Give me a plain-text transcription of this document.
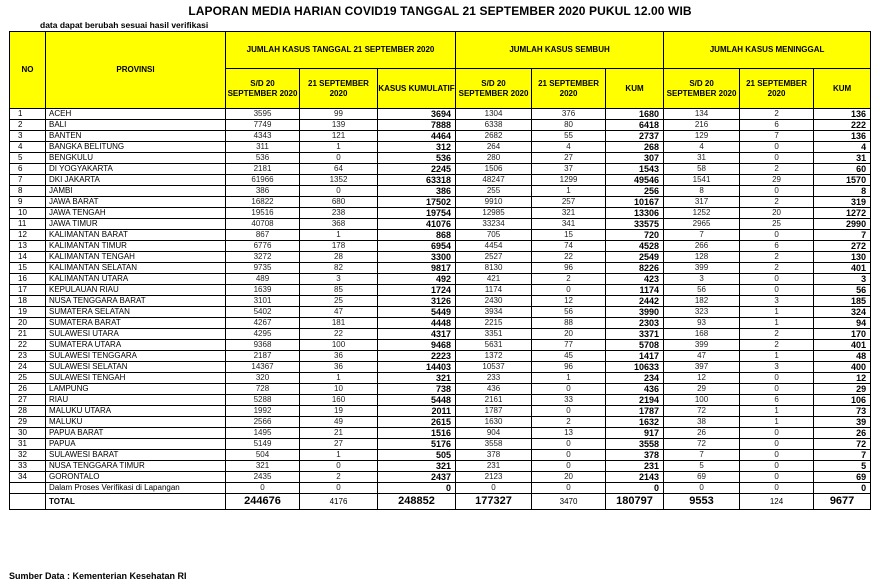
LAPORAN MEDIA HARIAN COVID19 TANGGAL 21 SEPTEMBER 2020 PUKUL 12.00 WIB
data dapat berubah sesuai hasil verifikasi
NO	PROVINSI	JUMLAH KASUS TANGGAL 21 SEPTEMBER 2020			JUMLAH KASUS SEMBUH			JUMLAH KASUS MENINGGAL		
		S/D 20 SEPTEMBER 2020	21 SEPTEMBER 2020	KASUS KUMULATIF	S/D 20 SEPTEMBER 2020	21 SEPTEMBER 2020	KUM	S/D 20 SEPTEMBER 2020	21 SEPTEMBER 2020	KUM
1	ACEH	3595	99	3694	1304	376	1680	134	2	136
2	BALI	7749	139	7888	6338	80	6418	216	6	222
3	BANTEN	4343	121	4464	2682	55	2737	129	7	136
4	BANGKA BELITUNG	311	1	312	264	4	268	4	0	4
5	BENGKULU	536	0	536	280	27	307	31	0	31
6	DI YOGYAKARTA	2181	64	2245	1506	37	1543	58	2	60
7	DKI JAKARTA	61966	1352	63318	48247	1299	49546	1541	29	1570
8	JAMBI	386	0	386	255	1	256	8	0	8
9	JAWA BARAT	16822	680	17502	9910	257	10167	317	2	319
10	JAWA TENGAH	19516	238	19754	12985	321	13306	1252	20	1272
11	JAWA TIMUR	40708	368	41076	33234	341	33575	2965	25	2990
12	KALIMANTAN BARAT	867	1	868	705	15	720	7	0	7
13	KALIMANTAN TIMUR	6776	178	6954	4454	74	4528	266	6	272
14	KALIMANTAN TENGAH	3272	28	3300	2527	22	2549	128	2	130
15	KALIMANTAN SELATAN	9735	82	9817	8130	96	8226	399	2	401
16	KALIMANTAN UTARA	489	3	492	421	2	423	3	0	3
17	KEPULAUAN RIAU	1639	85	1724	1174	0	1174	56	0	56
18	NUSA TENGGARA BARAT	3101	25	3126	2430	12	2442	182	3	185
19	SUMATERA SELATAN	5402	47	5449	3934	56	3990	323	1	324
20	SUMATERA BARAT	4267	181	4448	2215	88	2303	93	1	94
21	SULAWESI UTARA	4295	22	4317	3351	20	3371	168	2	170
22	SUMATERA UTARA	9368	100	9468	5631	77	5708	399	2	401
23	SULAWESI TENGGARA	2187	36	2223	1372	45	1417	47	1	48
24	SULAWESI SELATAN	14367	36	14403	10537	96	10633	397	3	400
25	SULAWESI TENGAH	320	1	321	233	1	234	12	0	12
26	LAMPUNG	728	10	738	436	0	436	29	0	29
27	RIAU	5288	160	5448	2161	33	2194	100	6	106
28	MALUKU UTARA	1992	19	2011	1787	0	1787	72	1	73
29	MALUKU	2566	49	2615	1630	2	1632	38	1	39
30	PAPUA BARAT	1495	21	1516	904	13	917	26	0	26
31	PAPUA	5149	27	5176	3558	0	3558	72	0	72
32	SULAWESI BARAT	504	1	505	378	0	378	7	0	7
33	NUSA TENGGARA TIMUR	321	0	321	231	0	231	5	0	5
34	GORONTALO	2435	2	2437	2123	20	2143	69	0	69
	Dalam Proses Verifikasi di Lapangan	0	0	0	0	0	0	0	0	0
	TOTAL	244676	4176	248852	177327	3470	180797	9553	124	9677
Sumber Data : Kementerian Kesehatan RI
